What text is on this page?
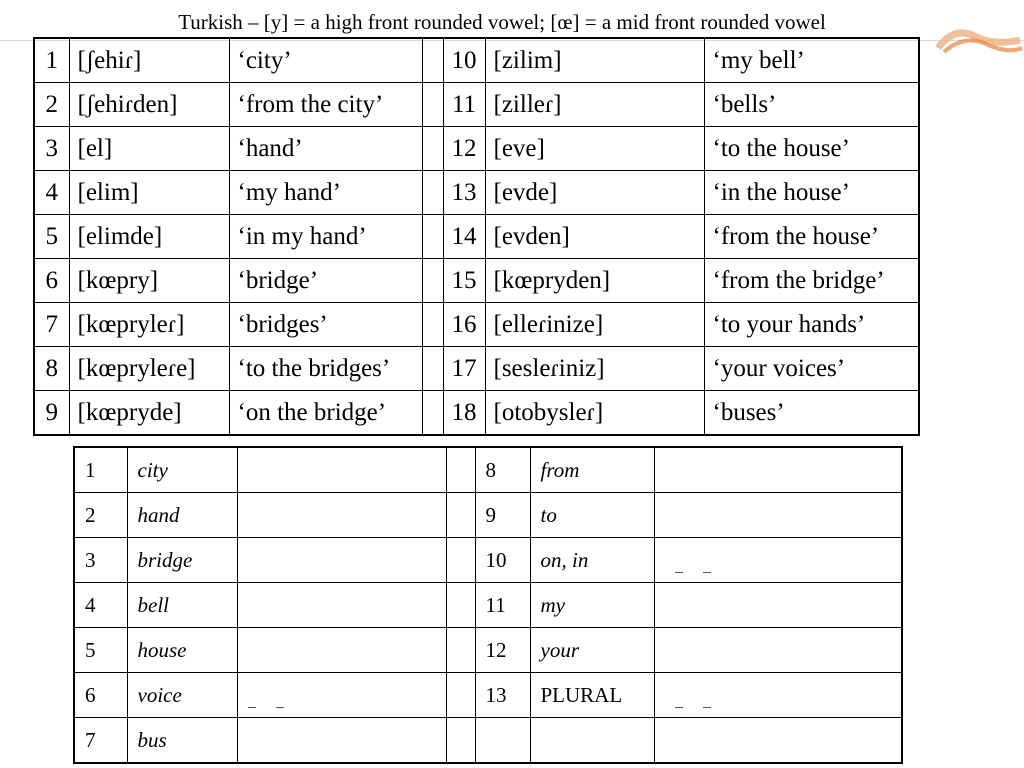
Turkish – [y] = a high front rounded vowel; [œ] = a mid front rounded vowel
1	[ʃehiɾ]	‘city’		10	[zilim]	‘my bell’
2	[ʃehiɾden]	‘from the city’		11	[zilleɾ]	‘bells’
3	[el]	‘hand’		12	[eve]	‘to the house’
4	[elim]	‘my hand’		13	[evde]	‘in the house’
5	[elimde]	‘in my hand’		14	[evden]	‘from the house’
6	[kœpry]	‘bridge’		15	[kœpryden]	‘from the bridge’
7	[kœpryleɾ]	‘bridges’		16	[elleɾinize]	‘to your hands’
8	[kœpryleɾe]	‘to the bridges’		17	[sesleɾiniz]	‘your voices’
9	[kœpryde]	‘on the bridge’		18	[otobysleɾ]	‘buses’
1	city			8	from	
2	hand			9	to	
3	bridge			10	on, in	
4	bell			11	my	
5	house			12	your	
6	voice			13	PLURAL	
7	bus					
